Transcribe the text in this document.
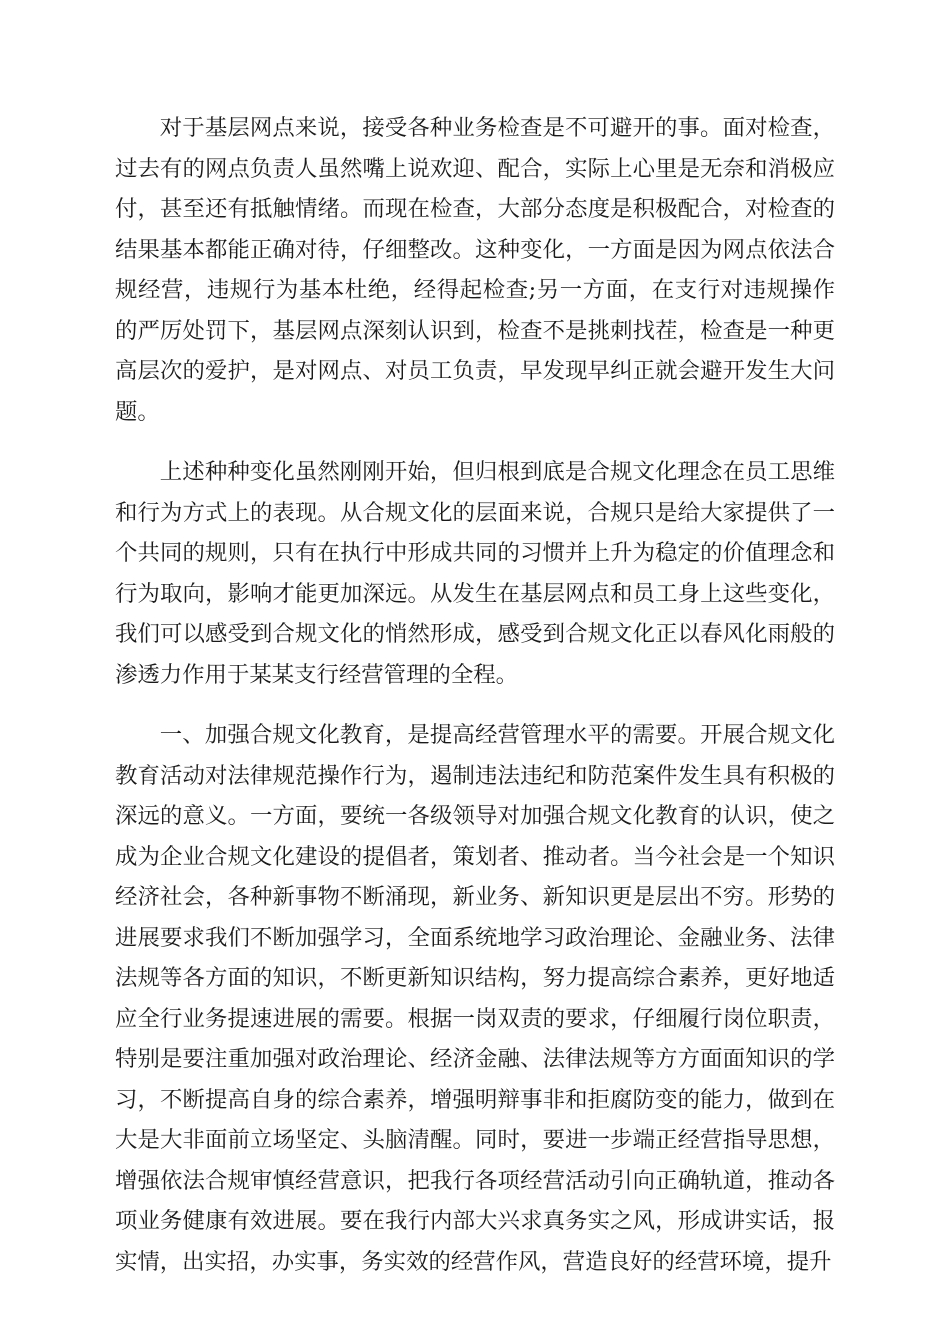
对于基层网点来说，接受各种业务检查是不可避开的事。面对检查，过去有的网点负责人虽然嘴上说欢迎、配合，实际上心里是无奈和消极应付，甚至还有抵触情绪。而现在检查，大部分态度是积极配合，对检查的结果基本都能正确对待，仔细整改。这种变化，一方面是因为网点依法合规经营，违规行为基本杜绝，经得起检查;另一方面，在支行对违规操作的严厉处罚下，基层网点深刻认识到，检查不是挑刺找茬，检查是一种更高层次的爱护，是对网点、对员工负责，早发现早纠正就会避开发生大问题。

上述种种变化虽然刚刚开始，但归根到底是合规文化理念在员工思维和行为方式上的表现。从合规文化的层面来说，合规只是给大家提供了一个共同的规则，只有在执行中形成共同的习惯并上升为稳定的价值理念和行为取向，影响才能更加深远。从发生在基层网点和员工身上这些变化，我们可以感受到合规文化的悄然形成，感受到合规文化正以春风化雨般的渗透力作用于某某支行经营管理的全程。

一、加强合规文化教育，是提高经营管理水平的需要。开展合规文化教育活动对法律规范操作行为，遏制违法违纪和防范案件发生具有积极的深远的意义。一方面，要统一各级领导对加强合规文化教育的认识，使之成为企业合规文化建设的提倡者，策划者、推动者。当今社会是一个知识经济社会，各种新事物不断涌现，新业务、新知识更是层出不穷。形势的进展要求我们不断加强学习，全面系统地学习政治理论、金融业务、法律法规等各方面的知识，不断更新知识结构，努力提高综合素养，更好地适应全行业务提速进展的需要。根据一岗双责的要求，仔细履行岗位职责，特别是要注重加强对政治理论、经济金融、法律法规等方方面面知识的学习，不断提高自身的综合素养，增强明辩事非和拒腐防变的能力，做到在大是大非面前立场坚定、头脑清醒。同时，要进一步端正经营指导思想，增强依法合规审慎经营意识，把我行各项经营活动引向正确轨道，推动各项业务健康有效进展。要在我行内部大兴求真务实之风，形成讲实话，报实情，出实招，办实事，务实效的经营作风，营造良好的经营环境，提升
